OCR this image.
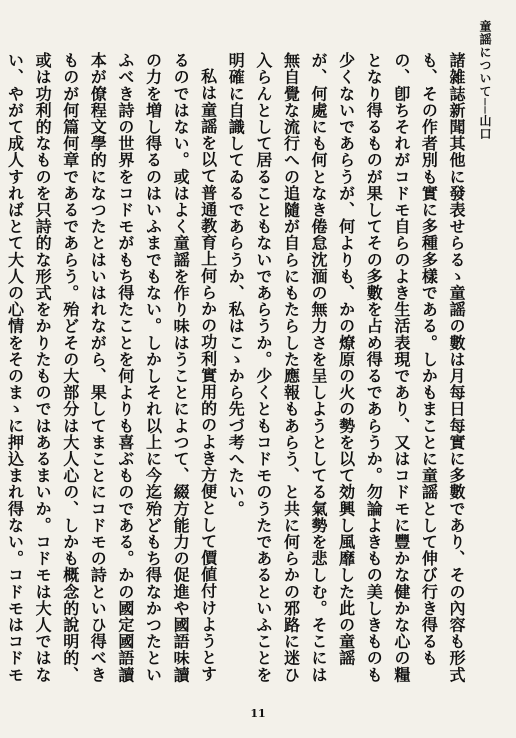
童謡について──山口

諸雑誌新聞其他に發表せらるゝ童謡の數は月每日每實に多數であり、その內容も形式も、その作者別も實に多種多樣である。しかもまことに童謡として伸び行き得るもの、卽ちそれがコドモ自らのよき生活表現であり、又はコドモに豐かな健かな心の糧となり得るものが果してその多數を占め得るであらうか。勿論よきもの美しきものも少くないであらうが、何よりも、かの燎原の火の勢を以て効興し風靡した此の童謡が、何處にも何となき倦怠沈湎の無力さを呈しようとしてる氣勢を悲しむ。そこには無自覺な流行への追隨が自らにもたらした應報もあらう、と共に何らかの邪路に迷ひ入らんとして居ることもないであらうか。少くともコドモのうたであるといふことを明確に自識してゐるであらうか、私はこゝから先づ考へたい。

私は童謡を以て普通教育上何らかの功利實用的のよき方便として價値付けようとするのではない。或はよく童謡を作り味はうことによつて、綴方能力の促進や國語味讀の力を増し得るのはいふまでもない。しかしそれ以上に今迄殆どもち得なかつたといふべき詩の世界をコドモがもち得たことを何よりも喜ぶものである。かの國定國語讀本が僚程文學的になつたとはいはれながら、果してまことにコドモの詩といひ得べきものが何篇何章であるであらう。殆どその大部分は大人心の、しかも概念的說明的、或は功利的なものを只詩的な形式をかりたものではあるまいか。コドモは大人ではない、やがて成人すればとて大人の心情をそのまゝに押込まれ得ない。コドモはコドモ

11
